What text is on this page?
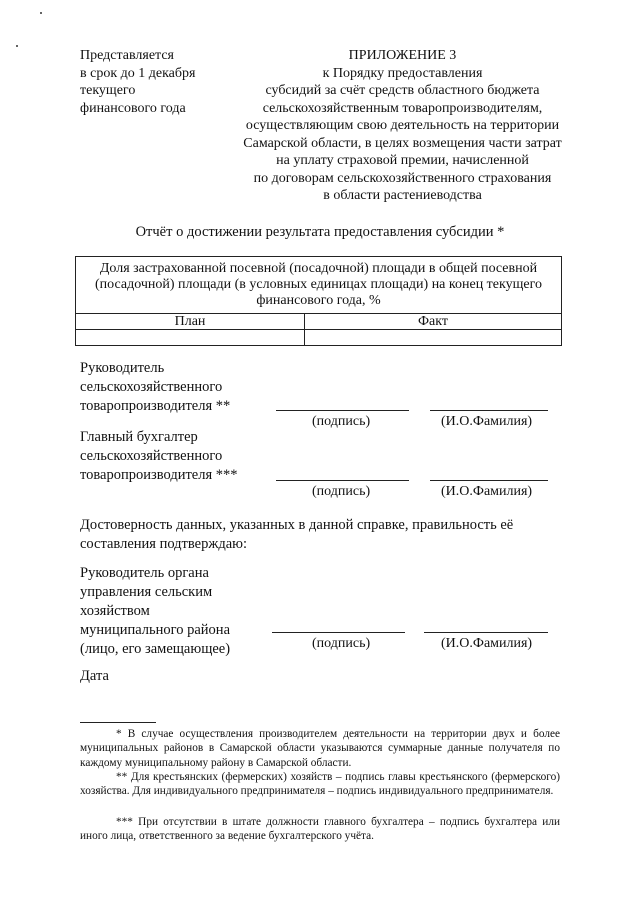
Представляется
в срок до 1 декабря
текущего
финансового года
ПРИЛОЖЕНИЕ 3
к Порядку предоставления
субсидий за счёт средств областного бюджета
сельскохозяйственным товаропроизводителям,
осуществляющим свою деятельность на территории
Самарской области, в целях возмещения части затрат
на уплату страховой премии, начисленной
по договорам сельскохозяйственного страхования
в области растениеводства
Отчёт о достижении результата предоставления субсидии *
Доля застрахованной посевной (посадочной) площади в общей посевной (посадочной) площади (в условных единицах площади) на конец текущего финансового года, %	
План	Факт

Руководитель
сельскохозяйственного
товаропроизводителя **
(подпись)	(И.О.Фамилия)
Главный бухгалтер
сельскохозяйственного
товаропроизводителя ***
(подпись)	(И.О.Фамилия)
Достоверность данных, указанных в данной справке, правильность её составления подтверждаю:
Руководитель органа
управления сельским
хозяйством
муниципального района
(лицо, его замещающее)	(подпись)	(И.О.Фамилия)
Дата
* В случае осуществления производителем деятельности на территории двух и более муниципальных районов в Самарской области указываются суммарные данные получателя по каждому муниципальному району в Самарской области.
** Для крестьянских (фермерских) хозяйств – подпись главы крестьянского (фермерского) хозяйства. Для индивидуального предпринимателя – подпись индивидуального предпринимателя.
*** При отсутствии в штате должности главного бухгалтера – подпись бухгалтера или иного лица, ответственного за ведение бухгалтерского учёта.
